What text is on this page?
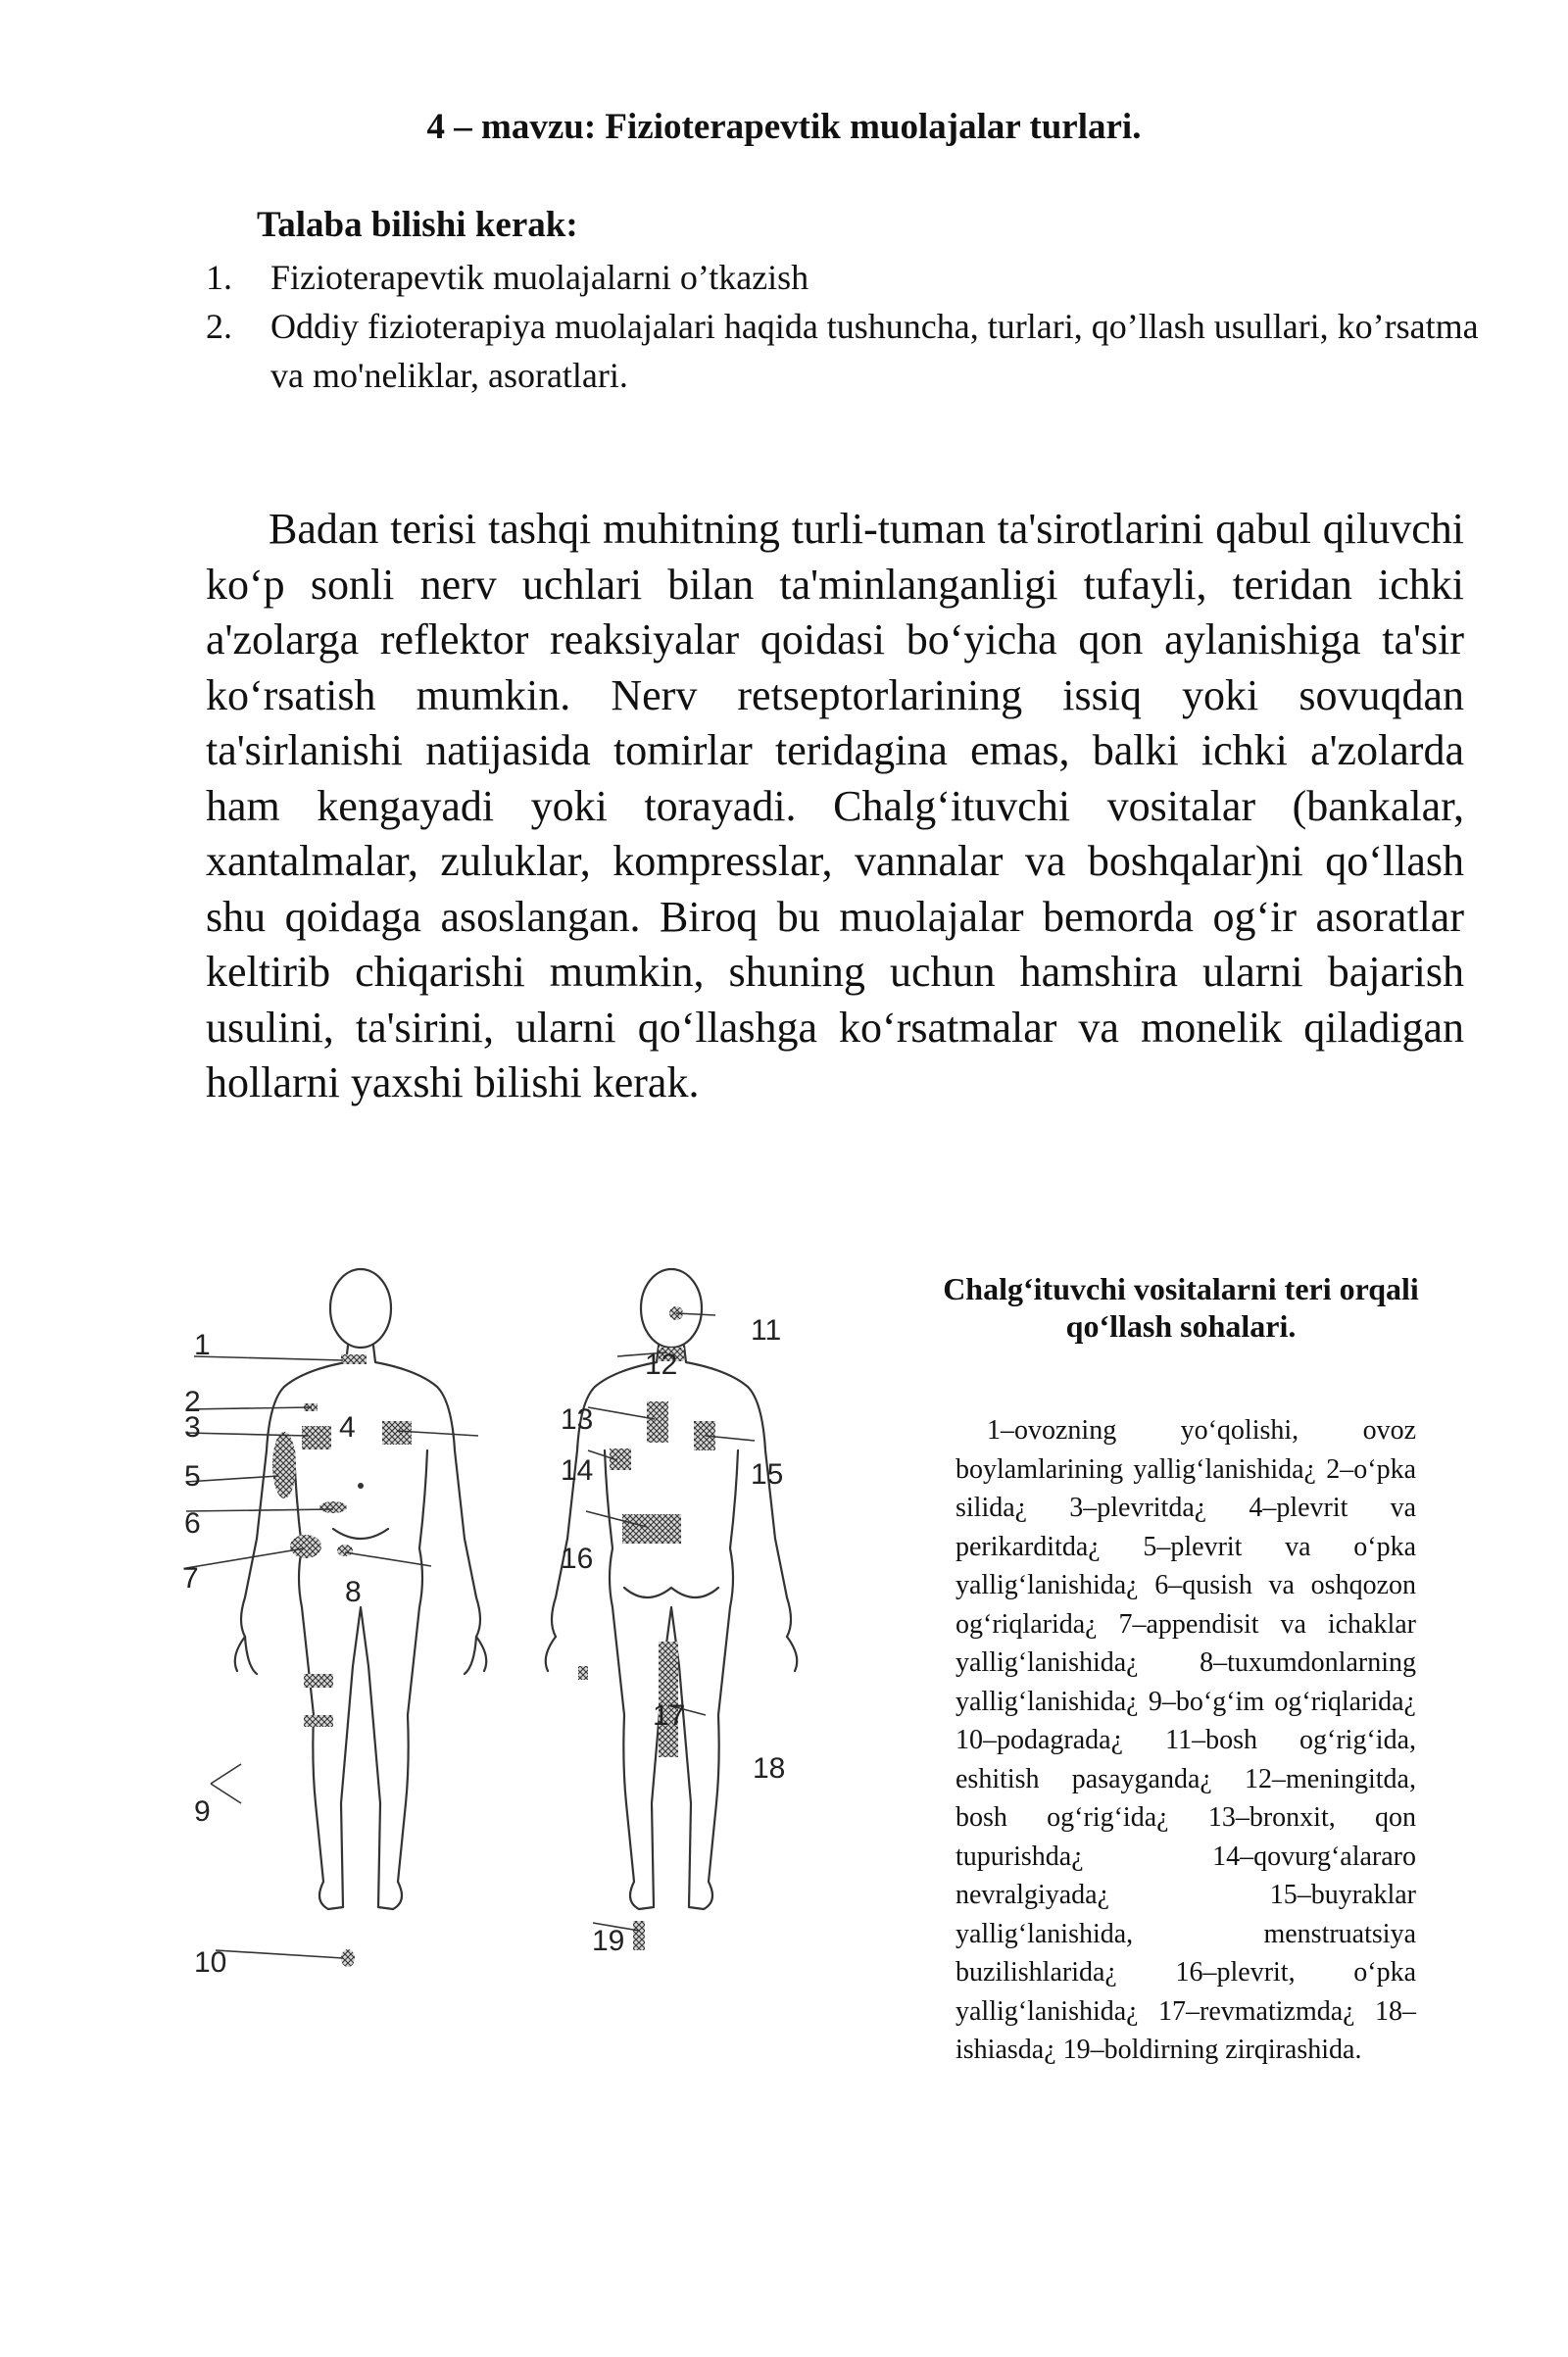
4 – mavzu: Fizioterapevtik muolajalar turlari.
Talaba bilishi kerak:
1.	Fizioterapevtik muolajalarni o’tkazish
2.	Oddiy fizioterapiya muolajalari haqida tushuncha, turlari, qo’llash usullari, ko’rsatma va mo'neliklar, asoratlari.

Badan terisi tashqi muhitning turli-tuman ta'sirotlarini qabul qiluvchi koʻp sonli nerv uchlari bilan ta'minlanganligi tufayli, teridan ichki a'zolarga reflektor reaksiyalar qoidasi boʻyicha qon aylanishiga ta'sir koʻrsatish mumkin. Nerv retseptorlarining issiq yoki sovuqdan ta'sirlanishi natijasida tomirlar teridagina emas, balki ichki a'zolarda ham kengayadi yoki torayadi. Chalgʻituvchi vositalar (bankalar, xantalmalar, zuluklar, kompresslar, vannalar va boshqalar)ni qoʻllash shu qoidaga asoslangan. Biroq bu muolajalar bemorda ogʻir asoratlar keltirib chiqarishi mumkin, shuning uchun hamshira ularni bajarish usulini, ta'sirini, ularni qoʻllashga koʻrsatmalar va monelik qiladigan hollarni yaxshi bilishi kerak.

1
2
3	4
5
6
7	8
9
10
11
12
13
14	15
16
17
18
19
Chalgʻituvchi vositalarni teri orqali qoʻllash sohalari.

1–ovozning yoʻqolishi, ovoz boylamlarining yalligʻlanishida¿ 2–oʻpka silida¿ 3–plevritda¿ 4–plevrit va perikarditda¿ 5–plevrit va oʻpka yalligʻlanishida¿ 6–qusish va oshqozon ogʻriqlarida¿ 7–appendisit va ichaklar yalligʻlanishida¿ 8–tuxumdonlarning yalligʻlanishida¿ 9–boʻgʻim ogʻriqlarida¿ 10–podagrada¿ 11–bosh ogʻrigʻida, eshitish pasayganda¿ 12–meningitda, bosh ogʻrigʻida¿ 13–bronxit, qon tupurishda¿ 14–qovurgʻalararo nevralgiyada¿ 15–buyraklar yalligʻlanishida, menstruatsiya buzilishlarida¿ 16–plevrit, oʻpka yalligʻlanishida¿ 17–revmatizmda¿ 18–ishiasda¿ 19–boldirning zirqirashida.
